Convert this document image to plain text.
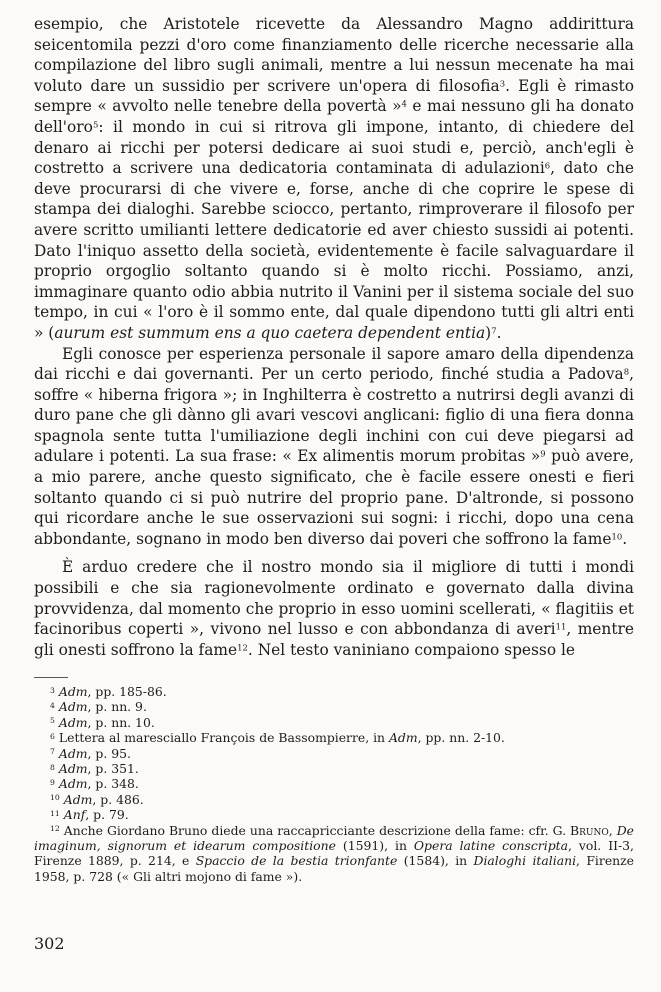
esempio, che Aristotele ricevette da Alessandro Magno addirittura seicentomila pezzi d'oro come finanziamento delle ricerche necessarie alla compilazione del libro sugli animali, mentre a lui nessun mecenate ha mai voluto dare un sussidio per scrivere un'opera di filosofia$^3$. Egli è rimasto sempre « avvolto nelle tenebre della povertà »$^4$ e mai nessuno gli ha donato dell'oro$^5$: il mondo in cui si ritrova gli impone, intanto, di chiedere del denaro ai ricchi per potersi dedicare ai suoi studi e, perciò, anch'egli è costretto a scrivere una dedicatoria contaminata di adulazioni$^6$, dato che deve procurarsi di che vivere e, forse, anche di che coprire le spese di stampa dei dialoghi. Sarebbe sciocco, pertanto, rimproverare il filosofo per avere scritto umilianti lettere dedicatorie ed aver chiesto sussidi ai potenti. Dato l'iniquo assetto della società, evidentemente è facile salvaguardare il proprio orgoglio soltanto quando si è molto ricchi. Possiamo, anzi, immaginare quanto odio abbia nutrito il Vanini per il sistema sociale del suo tempo, in cui « l'oro è il sommo ente, dal quale dipendono tutti gli altri enti » (aurum est summum ens a quo caetera dependent entia)$^7$.

Egli conosce per esperienza personale il sapore amaro della dipendenza dai ricchi e dai governanti. Per un certo periodo, finché studia a Padova$^8$, soffre « hiberna frigora »; in Inghilterra è costretto a nutrirsi degli avanzi di duro pane che gli dànno gli avari vescovi anglicani: figlio di una fiera donna spagnola sente tutta l'umiliazione degli inchini con cui deve piegarsi ad adulare i potenti. La sua frase: « Ex alimentis morum probitas »$^9$ può avere, a mio parere, anche questo significato, che è facile essere onesti e fieri soltanto quando ci si può nutrire del proprio pane. D'altronde, si possono qui ricordare anche le sue osservazioni sui sogni: i ricchi, dopo una cena abbondante, sognano in modo ben diverso dai poveri che soffrono la fame$^{10}$.

È arduo credere che il nostro mondo sia il migliore di tutti i mondi possibili e che sia ragionevolmente ordinato e governato dalla divina provvidenza, dal momento che proprio in esso uomini scellerati, « flagitiis et facinoribus coperti », vivono nel lusso e con abbondanza di averi$^{11}$, mentre gli onesti soffrono la fame$^{12}$. Nel testo vaniniano compaiono spesso le

$^3$ Adm, pp. 185-86.

$^4$ Adm, p. nn. 9.

$^5$ Adm, p. nn. 10.

$^6$ Lettera al maresciallo François de Bassompierre, in Adm, pp. nn. 2-10.

$^7$ Adm, p. 95.

$^8$ Adm, p. 351.

$^9$ Adm, p. 348.

$^{10}$ Adm, p. 486.

$^{11}$ Anf, p. 79.

$^{12}$ Anche Giordano Bruno diede una raccapricciante descrizione della fame: cfr. G. Bruno, De imaginum, signorum et idearum compositione (1591), in Opera latine conscripta, vol. II-3, Firenze 1889, p. 214, e Spaccio de la bestia trionfante (1584), in Dialoghi italiani, Firenze 1958, p. 728 (« Gli altri mojono di fame »).

302
